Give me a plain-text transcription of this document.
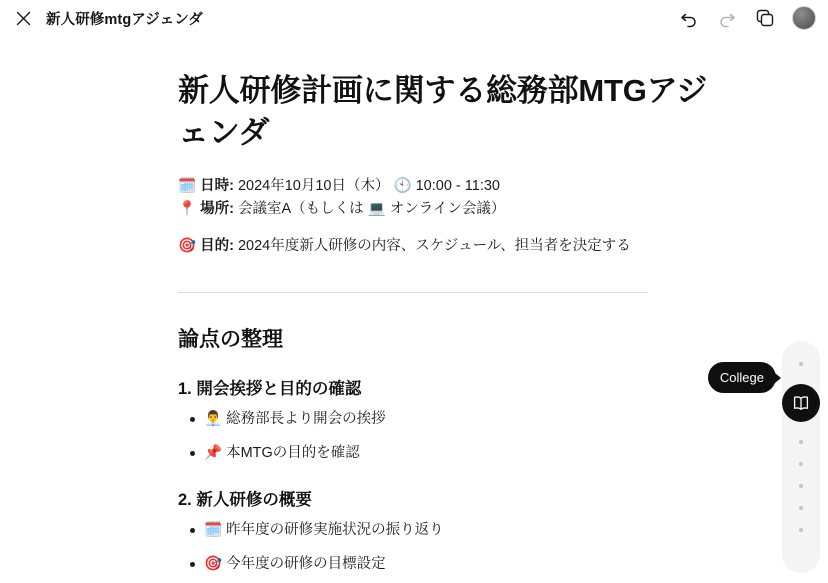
新人研修mtgアジェンダ
新人研修計画に関する総務部MTGアジェンダ

🗓️ 日時: 2024年10月10日（木） 🕙 10:00 - 11:30

📍 場所: 会議室A（もしくは 💻 オンライン会議）

🎯 目的: 2024年度新人研修の内容、スケジュール、担当者を決定する

論点の整理
1. 開会挨拶と目的の確認
👨‍💼 総務部長より開会の挨拶
📌 本MTGの目的を確認
2. 新人研修の概要
🗓️ 昨年度の研修実施状況の振り返り
🎯 今年度の研修の目標設定
College
